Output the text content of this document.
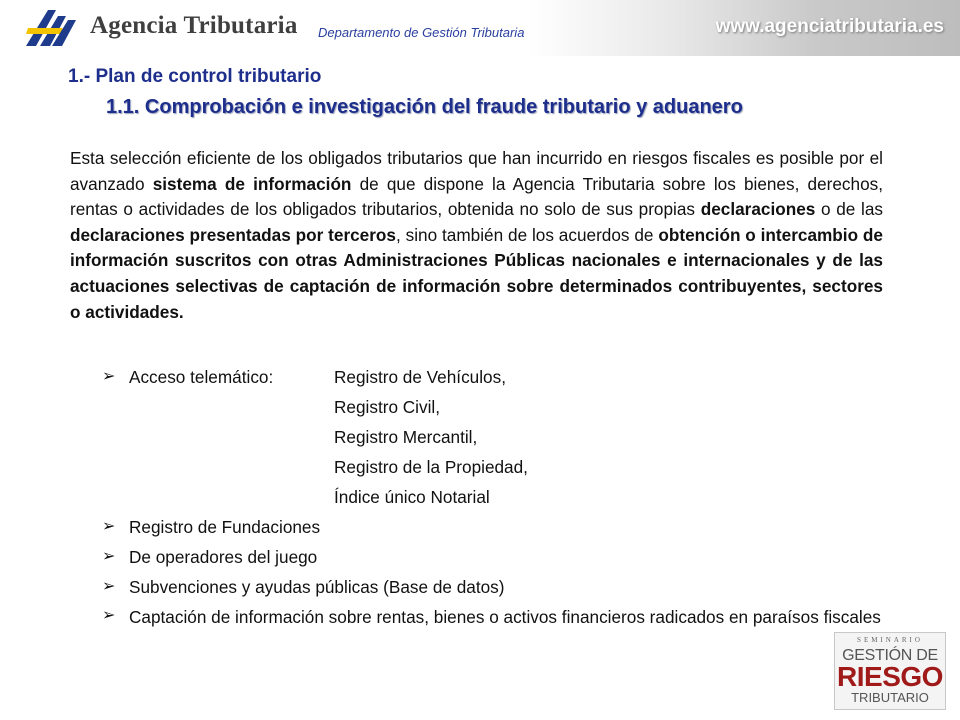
Agencia Tributaria Departamento de Gestión Tributaria	www.agenciatributaria.es
1.- Plan de control tributario
1.1. Comprobación e investigación del fraude tributario y aduanero
Esta selección eficiente de los obligados tributarios que han incurrido en riesgos fiscales es posible por el avanzado sistema de información de que dispone la Agencia Tributaria sobre los bienes, derechos, rentas o actividades de los obligados tributarios, obtenida no solo de sus propias declaraciones o de las declaraciones presentadas por terceros, sino también de los acuerdos de obtención o intercambio de información suscritos con otras Administraciones Públicas nacionales e internacionales y de las actuaciones selectivas de captación de información sobre determinados contribuyentes, sectores o actividades.
➢ Acceso telemático:	Registro de Vehículos,
Registro Civil,
Registro Mercantil,
Registro de la Propiedad,
Índice único Notarial
➢ Registro de Fundaciones
➢ De operadores del juego
➢ Subvenciones y ayudas públicas (Base de datos)
➢ Captación de información sobre rentas, bienes o activos financieros radicados en paraísos fiscales
SEMINARIO
GESTIÓN DE
RIESGO
TRIBUTARIO
